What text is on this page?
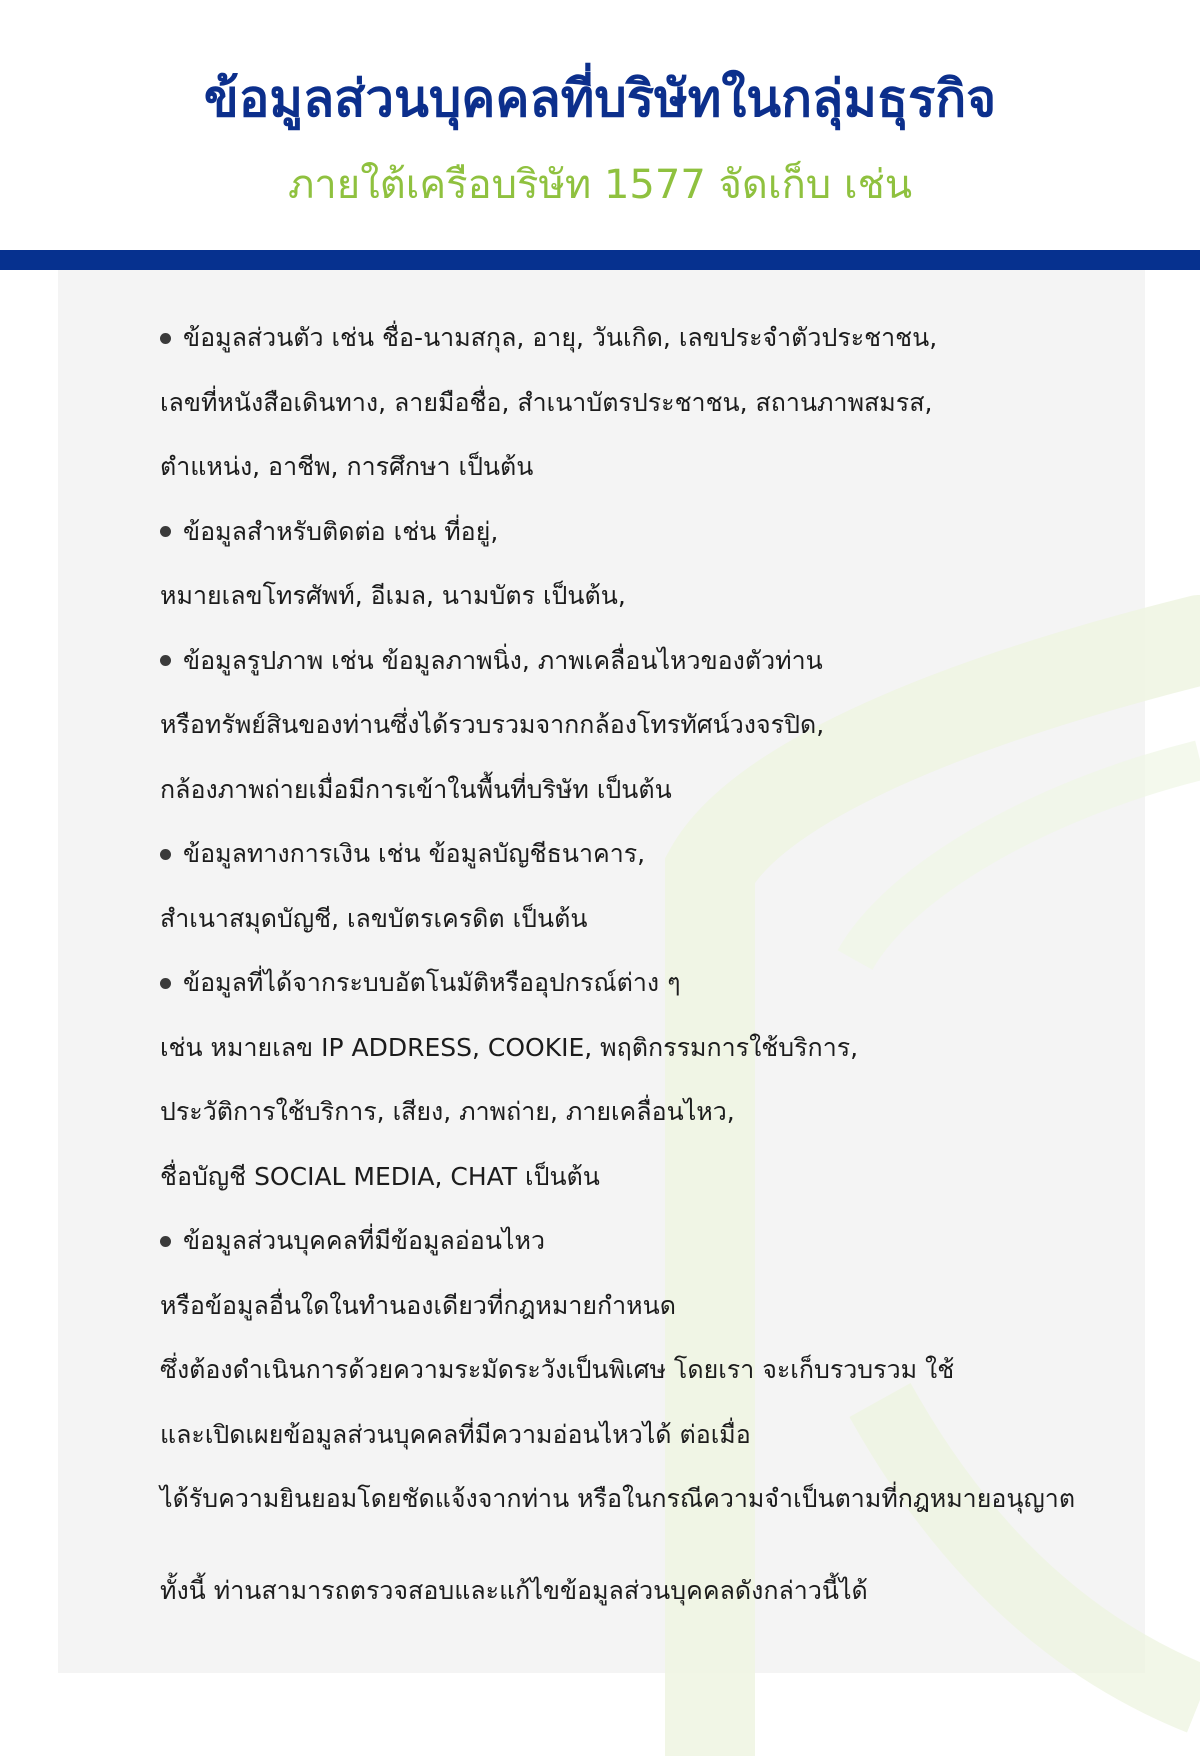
ข้อมูลส่วนบุคคลที่บริษัทในกลุ่มธุรกิจ
ภายใต้เครือบริษัท 1577 จัดเก็บ เช่น
ข้อมูลส่วนตัว เช่น ชื่อ-นามสกุล, อายุ, วันเกิด, เลขประจำตัวประชาชน,
เลขที่หนังสือเดินทาง, ลายมือชื่อ, สำเนาบัตรประชาชน, สถานภาพสมรส,
ตำแหน่ง, อาชีพ, การศึกษา เป็นต้น
ข้อมูลสำหรับติดต่อ เช่น ที่อยู่,
หมายเลขโทรศัพท์, อีเมล, นามบัตร เป็นต้น,
ข้อมูลรูปภาพ เช่น ข้อมูลภาพนิ่ง, ภาพเคลื่อนไหวของตัวท่าน
หรือทรัพย์สินของท่านซึ่งได้รวบรวมจากกล้องโทรทัศน์วงจรปิด,
กล้องภาพถ่ายเมื่อมีการเข้าในพื้นที่บริษัท เป็นต้น
ข้อมูลทางการเงิน เช่น ข้อมูลบัญชีธนาคาร,
สำเนาสมุดบัญชี, เลขบัตรเครดิต เป็นต้น
ข้อมูลที่ได้จากระบบอัตโนมัติหรืออุปกรณ์ต่าง ๆ
เช่น หมายเลข IP ADDRESS, COOKIE, พฤติกรรมการใช้บริการ,
ประวัติการใช้บริการ, เสียง, ภาพถ่าย, ภายเคลื่อนไหว,
ชื่อบัญชี SOCIAL MEDIA, CHAT เป็นต้น
ข้อมูลส่วนบุคคลที่มีข้อมูลอ่อนไหว
หรือข้อมูลอื่นใดในทำนองเดียวที่กฎหมายกำหนด
ซึ่งต้องดำเนินการด้วยความระมัดระวังเป็นพิเศษ โดยเรา จะเก็บรวบรวม ใช้
และเปิดเผยข้อมูลส่วนบุคคลที่มีความอ่อนไหวได้ ต่อเมื่อ
ได้รับความยินยอมโดยชัดแจ้งจากท่าน หรือในกรณีความจำเป็นตามที่กฎหมายอนุญาต
ทั้งนี้ ท่านสามารถตรวจสอบและแก้ไขข้อมูลส่วนบุคคลดังกล่าวนี้ได้
